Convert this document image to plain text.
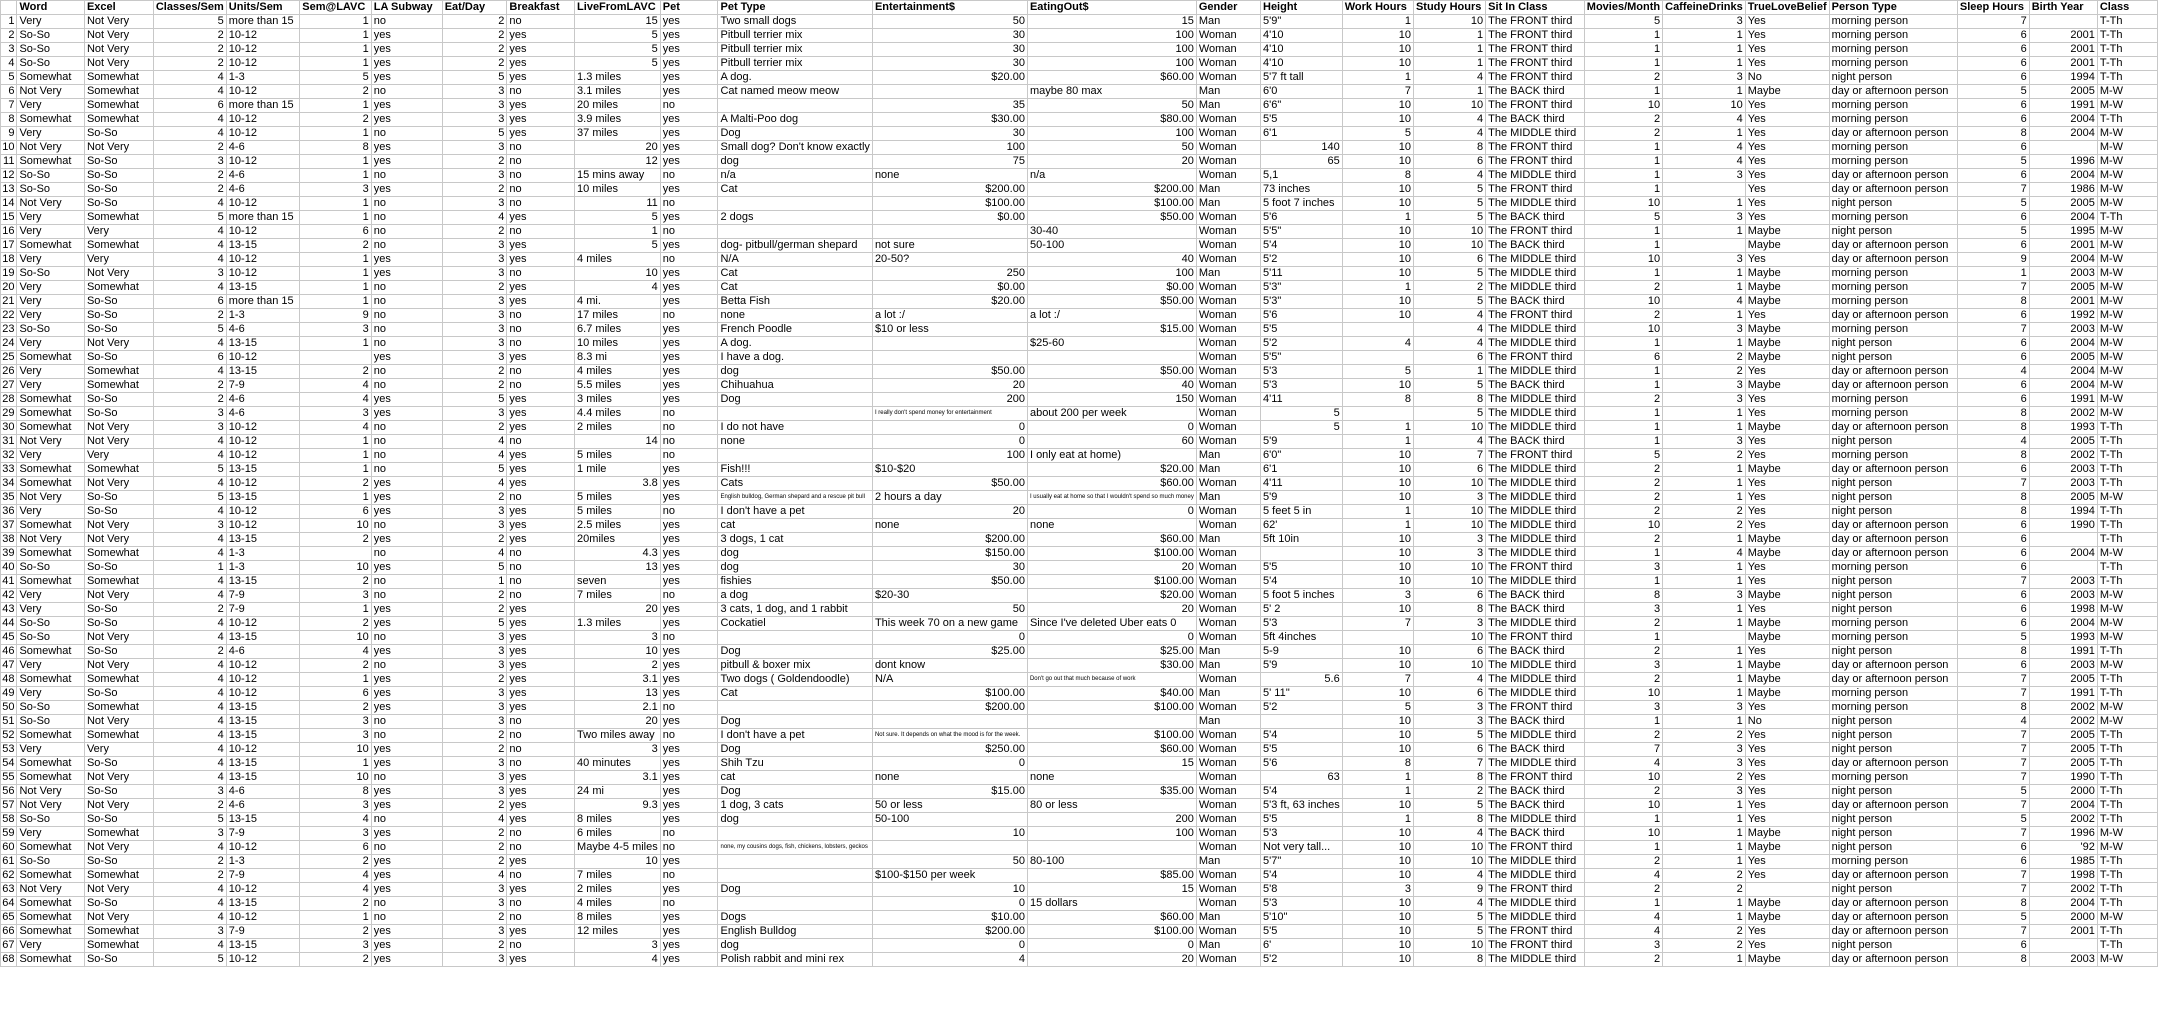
	Word	Excel	Classes/Sem	Units/Sem	Sem@LAVC	LA Subway	Eat/Day	Breakfast	LiveFromLAVC	Pet	Pet Type	Entertainment$	EatingOut$	Gender	Height	Work Hours	Study Hours	Sit In Class	Movies/Month	CaffeineDrinks	TrueLoveBelief	Person Type	Sleep Hours	Birth Year	Class
1	Very	Not Very	5	more than 15	1	no	2	no	15	yes	Two small dogs	50	15	Man	5'9"	1	10	The FRONT third	5	3	Yes	morning person	7		T-Th
2	So-So	Not Very	2	10-12	1	yes	2	yes	5	yes	Pitbull terrier mix	30	100	Woman	4'10	10	1	The FRONT third	1	1	Yes	morning person	6	2001	T-Th
3	So-So	Not Very	2	10-12	1	yes	2	yes	5	yes	Pitbull terrier mix	30	100	Woman	4'10	10	1	The FRONT third	1	1	Yes	morning person	6	2001	T-Th
4	So-So	Not Very	2	10-12	1	yes	2	yes	5	yes	Pitbull terrier mix	30	100	Woman	4'10	10	1	The FRONT third	1	1	Yes	morning person	6	2001	T-Th
5	Somewhat	Somewhat	4	1-3	5	yes	5	yes	1.3 miles	yes	A dog.	$20.00	$60.00	Woman	5'7 ft tall	1	4	The FRONT third	2	3	No	night person	6	1994	T-Th
6	Not Very	Somewhat	4	10-12	2	no	3	no	3.1 miles	yes	Cat named meow meow		maybe 80 max	Man	6'0	7	1	The BACK third	1	1	Maybe	day or afternoon person	5	2005	M-W
7	Very	Somewhat	6	more than 15	1	yes	3	yes	20 miles	no		35	50	Man	6'6"	10	10	The FRONT third	10	10	Yes	morning person	6	1991	M-W
8	Somewhat	Somewhat	4	10-12	2	yes	3	yes	3.9 miles	yes	A Malti-Poo dog	$30.00	$80.00	Woman	5'5	10	4	The BACK third	2	4	Yes	morning person	6	2004	T-Th
9	Very	So-So	4	10-12	1	no	5	yes	37 miles	yes	Dog	30	100	Woman	6'1	5	4	The MIDDLE third	2	1	Yes	day or afternoon person	8	2004	M-W
10	Not Very	Not Very	2	4-6	8	yes	3	no	20	yes	Small dog? Don't know exactly	100	50	Woman	140	10	8	The FRONT third	1	4	Yes	morning person	6		M-W
11	Somewhat	So-So	3	10-12	1	yes	2	no	12	yes	dog	75	20	Woman	65	10	6	The FRONT third	1	4	Yes	morning person	5	1996	M-W
12	So-So	So-So	2	4-6	1	no	3	no	15 mins away	no	n/a	none	n/a	Woman	5,1	8	4	The MIDDLE third	1	3	Yes	day or afternoon person	6	2004	M-W
13	So-So	So-So	2	4-6	3	yes	2	no	10 miles	yes	Cat	$200.00	$200.00	Man	73 inches	10	5	The FRONT third	1		Yes	day or afternoon person	7	1986	M-W
14	Not Very	So-So	4	10-12	1	no	3	no	11	no		$100.00	$100.00	Man	5 foot 7 inches	10	5	The MIDDLE third	10	1	Yes	night person	5	2005	M-W
15	Very	Somewhat	5	more than 15	1	no	4	yes	5	yes	2 dogs	$0.00	$50.00	Woman	5'6	1	5	The BACK third	5	3	Yes	morning person	6	2004	T-Th
16	Very	Very	4	10-12	6	no	2	no	1	no			30-40	Woman	5'5"	10	10	The FRONT third	1	1	Maybe	night person	5	1995	M-W
17	Somewhat	Somewhat	4	13-15	2	no	3	yes	5	yes	dog- pitbull/german shepard	not sure	50-100	Woman	5'4	10	10	The BACK third	1		Maybe	day or afternoon person	6	2001	M-W
18	Very	Very	4	10-12	1	yes	3	yes	4 miles	no	N/A	20-50?	40	Woman	5'2	10	6	The MIDDLE third	10	3	Yes	day or afternoon person	9	2004	M-W
19	So-So	Not Very	3	10-12	1	yes	3	no	10	yes	Cat	250	100	Man	5'11	10	5	The MIDDLE third	1	1	Maybe	morning person	1	2003	M-W
20	Very	Somewhat	4	13-15	1	no	2	yes	4	yes	Cat	$0.00	$0.00	Woman	5'3"	1	2	The MIDDLE third	2	1	Maybe	morning person	7	2005	M-W
21	Very	So-So	6	more than 15	1	no	3	yes	4 mi.	yes	Betta Fish	$20.00	$50.00	Woman	5'3"	10	5	The BACK third	10	4	Maybe	morning person	8	2001	M-W
22	Very	So-So	2	1-3	9	no	3	no	17 miles	no	none	a lot :/	a lot :/	Woman	5'6	10	4	The FRONT third	2	1	Yes	day or afternoon person	6	1992	M-W
23	So-So	So-So	5	4-6	3	no	3	no	6.7 miles	yes	French Poodle	$10 or less	$15.00	Woman	5'5		4	The MIDDLE third	10	3	Maybe	morning person	7	2003	M-W
24	Very	Not Very	4	13-15	1	no	3	no	10 miles	yes	A dog.		$25-60	Woman	5'2	4	4	The MIDDLE third	1	1	Maybe	night person	6	2004	M-W
25	Somewhat	So-So	6	10-12		yes	3	yes	8.3 mi	yes	I have a dog.			Woman	5'5"		6	The FRONT third	6	2	Maybe	night person	6	2005	M-W
26	Very	Somewhat	4	13-15	2	no	2	no	4 miles	yes	dog	$50.00	$50.00	Woman	5'3	5	1	The MIDDLE third	1	2	Yes	day or afternoon person	4	2004	M-W
27	Very	Somewhat	2	7-9	4	no	2	no	5.5 miles	yes	Chihuahua	20	40	Woman	5'3	10	5	The BACK third	1	3	Maybe	day or afternoon person	6	2004	M-W
28	Somewhat	So-So	2	4-6	4	yes	5	yes	3 miles	yes	Dog	200	150	Woman	4'11	8	8	The MIDDLE third	2	3	Yes	morning person	6	1991	M-W
29	Somewhat	So-So	3	4-6	3	yes	3	yes	4.4 miles	no		I really don't spend money for entertainment	about 200 per week	Woman	5		5	The MIDDLE third	1	1	Yes	morning person	8	2002	M-W
30	Somewhat	Not Very	3	10-12	4	no	2	yes	2 miles	no	I do not have	0	0	Woman	5	1	10	The MIDDLE third	1	1	Maybe	day or afternoon person	8	1993	T-Th
31	Not Very	Not Very	4	10-12	1	no	4	no	14	no	none	0	60	Woman	5'9	1	4	The BACK third	1	3	Yes	night person	4	2005	T-Th
32	Very	Very	4	10-12	1	no	4	yes	5 miles	no		100	I only eat at home)	Man	6'0"	10	7	The FRONT third	5	2	Yes	morning person	8	2002	T-Th
33	Somewhat	Somewhat	5	13-15	1	no	5	yes	1 mile	yes	Fish!!!	$10-$20	$20.00	Man	6'1	10	6	The MIDDLE third	2	1	Maybe	day or afternoon person	6	2003	T-Th
34	Somewhat	Not Very	4	10-12	2	yes	4	yes	3.8	yes	Cats	$50.00	$60.00	Woman	4'11	10	10	The MIDDLE third	2	1	Yes	night person	7	2003	T-Th
35	Not Very	So-So	5	13-15	1	yes	2	no	5 miles	yes	English bulldog, German shepard and a rescue pit bull	2 hours a day	I usually eat at home so that I wouldn't spend so much money	Man	5'9	10	3	The MIDDLE third	2	1	Yes	night person	8	2005	M-W
36	Very	So-So	4	10-12	6	yes	3	yes	5 miles	no	I don't have a pet	20	0	Woman	5 feet 5 in	1	10	The MIDDLE third	2	2	Yes	night person	8	1994	T-Th
37	Somewhat	Not Very	3	10-12	10	no	3	yes	2.5 miles	yes	cat	none	none	Woman	62'	1	10	The MIDDLE third	10	2	Yes	day or afternoon person	6	1990	T-Th
38	Not Very	Not Very	4	13-15	2	yes	2	yes	20miles	yes	3 dogs, 1 cat	$200.00	$60.00	Man	5ft 10in	10	3	The MIDDLE third	2	1	Maybe	day or afternoon person	6		T-Th
39	Somewhat	Somewhat	4	1-3		no	4	no	4.3	yes	dog	$150.00	$100.00	Woman		10	3	The MIDDLE third	1	4	Maybe	day or afternoon person	6	2004	M-W
40	So-So	So-So	1	1-3	10	yes	5	no	13	yes	dog	30	20	Woman	5'5	10	10	The FRONT third	3	1	Yes	morning person	6		T-Th
41	Somewhat	Somewhat	4	13-15	2	no	1	no	seven	yes	fishies	$50.00	$100.00	Woman	5'4	10	10	The MIDDLE third	1	1	Yes	night person	7	2003	T-Th
42	Very	Not Very	4	7-9	3	no	2	no	7 miles	no	a dog	$20-30	$20.00	Woman	5 foot 5 inches	3	6	The BACK third	8	3	Maybe	night person	6	2003	M-W
43	Very	So-So	2	7-9	1	yes	2	yes	20	yes	3 cats, 1 dog, and 1 rabbit	50	20	Woman	5' 2	10	8	The BACK third	3	1	Yes	night person	6	1998	M-W
44	So-So	So-So	4	10-12	2	yes	5	yes	1.3 miles	yes	Cockatiel	This week 70 on a new game	Since I've deleted Uber eats 0	Woman	5'3	7	3	The MIDDLE third	2	1	Maybe	morning person	6	2004	M-W
45	So-So	Not Very	4	13-15	10	no	3	yes	3	no		0	0	Woman	5ft 4inches		10	The FRONT third	1		Maybe	morning person	5	1993	M-W
46	Somewhat	So-So	2	4-6	4	yes	3	yes	10	yes	Dog	$25.00	$25.00	Man	5-9	10	6	The BACK third	2	1	Yes	night person	8	1991	T-Th
47	Very	Not Very	4	10-12	2	no	3	yes	2	yes	pitbull & boxer mix	dont know	$30.00	Man	5'9	10	10	The MIDDLE third	3	1	Maybe	day or afternoon person	6	2003	M-W
48	Somewhat	Somewhat	4	10-12	1	yes	2	yes	3.1	yes	Two dogs ( Goldendoodle)	N/A	Don't go out that much because of work	Woman	5.6	7	4	The MIDDLE third	2	1	Maybe	day or afternoon person	7	2005	T-Th
49	Very	So-So	4	10-12	6	yes	3	yes	13	yes	Cat	$100.00	$40.00	Man	5' 11''	10	6	The MIDDLE third	10	1	Maybe	morning person	7	1991	T-Th
50	So-So	Somewhat	4	13-15	2	yes	3	yes	2.1	no		$200.00	$100.00	Woman	5'2	5	3	The FRONT third	3	3	Yes	morning person	8	2002	M-W
51	So-So	Not Very	4	13-15	3	no	3	no	20	yes	Dog			Man		10	3	The BACK third	1	1	No	night person	4	2002	M-W
52	Somewhat	Somewhat	4	13-15	3	no	2	no	Two miles away	no	I don't have a pet	Not sure. It depends on what the mood is for the week.	$100.00	Woman	5'4	10	5	The MIDDLE third	2	2	Yes	night person	7	2005	T-Th
53	Very	Very	4	10-12	10	yes	2	no	3	yes	Dog	$250.00	$60.00	Woman	5'5	10	6	The BACK third	7	3	Yes	night person	7	2005	T-Th
54	Somewhat	So-So	4	13-15	1	yes	3	no	40 minutes	yes	Shih Tzu	0	15	Woman	5'6	8	7	The MIDDLE third	4	3	Yes	day or afternoon person	7	2005	T-Th
55	Somewhat	Not Very	4	13-15	10	no	3	yes	3.1	yes	cat	none	none	Woman	63	1	8	The FRONT third	10	2	Yes	morning person	7	1990	T-Th
56	Not Very	So-So	3	4-6	8	yes	3	yes	24 mi	yes	Dog	$15.00	$35.00	Woman	5'4	1	2	The BACK third	2	3	Yes	night person	5	2000	T-Th
57	Not Very	Not Very	2	4-6	3	yes	2	yes	9.3	yes	1 dog, 3 cats	50 or less	80 or less	Woman	5'3 ft, 63 inches	10	5	The BACK third	10	1	Yes	day or afternoon person	7	2004	T-Th
58	So-So	So-So	5	13-15	4	no	4	yes	8 miles	yes	dog	50-100	200	Woman	5'5	1	8	The MIDDLE third	1	1	Yes	night person	5	2002	T-Th
59	Very	Somewhat	3	7-9	3	yes	2	no	6 miles	no		10	100	Woman	5'3	10	4	The BACK third	10	1	Maybe	night person	7	1996	M-W
60	Somewhat	Not Very	4	10-12	6	no	2	no	Maybe 4-5 miles	no	none, my cousins dogs, fish, chickens, lobsters, geckos			Woman	Not very tall...	10	10	The FRONT third	1	1	Maybe	night person	6	'92	M-W
61	So-So	So-So	2	1-3	2	yes	2	yes	10	yes		50	80-100	Man	5'7"	10	10	The MIDDLE third	2	1	Yes	morning person	6	1985	T-Th
62	Somewhat	Somewhat	2	7-9	4	yes	4	no	7 miles	no		$100-$150 per week	$85.00	Woman	5'4	10	4	The MIDDLE third	4	2	Yes	day or afternoon person	7	1998	T-Th
63	Not Very	Not Very	4	10-12	4	yes	3	yes	2 miles	yes	Dog	10	15	Woman	5'8	3	9	The FRONT third	2	2		night person	7	2002	T-Th
64	Somewhat	So-So	4	13-15	2	no	3	no	4 miles	no		0	15 dollars	Woman	5'3	10	4	The MIDDLE third	1	1	Maybe	day or afternoon person	8	2004	T-Th
65	Somewhat	Not Very	4	10-12	1	no	2	no	8 miles	yes	Dogs	$10.00	$60.00	Man	5'10"	10	5	The MIDDLE third	4	1	Maybe	day or afternoon person	5	2000	M-W
66	Somewhat	Somewhat	3	7-9	2	yes	3	yes	12 miles	yes	English Bulldog	$200.00	$100.00	Woman	5'5	10	5	The FRONT third	4	2	Yes	day or afternoon person	7	2001	T-Th
67	Very	Somewhat	4	13-15	3	yes	2	no	3	yes	dog	0	0	Man	6'	10	10	The FRONT third	3	2	Yes	night person	6		T-Th
68	Somewhat	So-So	5	10-12	2	yes	3	yes	4	yes	Polish rabbit and mini rex	4	20	Woman	5'2	10	8	The MIDDLE third	2	1	Maybe	day or afternoon person	8	2003	M-W
